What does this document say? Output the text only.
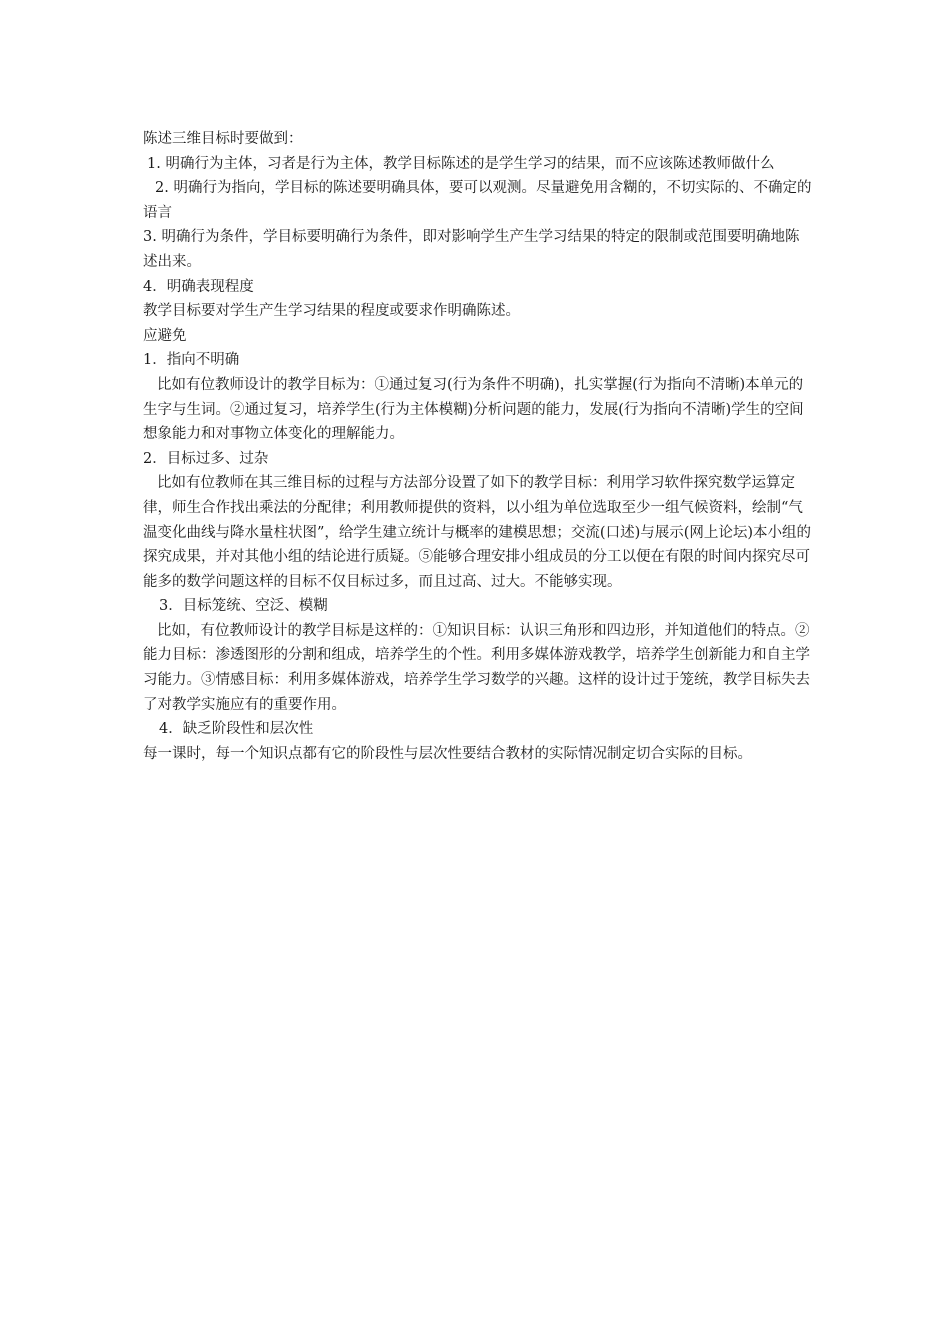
陈述三维目标时要做到：

1. 明确行为主体，习者是行为主体，教学目标陈述的是学生学习的结果，而不应该陈述教师做什么

2. 明确行为指向，学目标的陈述要明确具体，要可以观测。尽量避免用含糊的，不切实际的、不确定的语言

3. 明确行为条件，学目标要明确行为条件，即对影响学生产生学习结果的特定的限制或范围要明确地陈述出来。

4．明确表现程度

教学目标要对学生产生学习结果的程度或要求作明确陈述。

应避免

1．指向不明确

比如有位教师设计的教学目标为：①通过复习(行为条件不明确)，扎实掌握(行为指向不清晰)本单元的生字与生词。②通过复习，培养学生(行为主体模糊)分析问题的能力，发展(行为指向不清晰)学生的空间想象能力和对事物立体变化的理解能力。

2．目标过多、过杂

比如有位教师在其三维目标的过程与方法部分设置了如下的教学目标：利用学习软件探究数学运算定律，师生合作找出乘法的分配律；利用教师提供的资料，以小组为单位选取至少一组气候资料，绘制“气温变化曲线与降水量柱状图”，给学生建立统计与概率的建模思想；交流(口述)与展示(网上论坛)本小组的探究成果，并对其他小组的结论进行质疑。⑤能够合理安排小组成员的分工以便在有限的时间内探究尽可能多的数学问题这样的目标不仅目标过多，而且过高、过大。不能够实现。

3．目标笼统、空泛、模糊

比如，有位教师设计的教学目标是这样的：①知识目标：认识三角形和四边形，并知道他们的特点。②能力目标：渗透图形的分割和组成，培养学生的个性。利用多媒体游戏教学，培养学生创新能力和自主学习能力。③情感目标：利用多媒体游戏，培养学生学习数学的兴趣。这样的设计过于笼统，教学目标失去了对教学实施应有的重要作用。

4．缺乏阶段性和层次性

每一课时，每一个知识点都有它的阶段性与层次性要结合教材的实际情况制定切合实际的目标。
